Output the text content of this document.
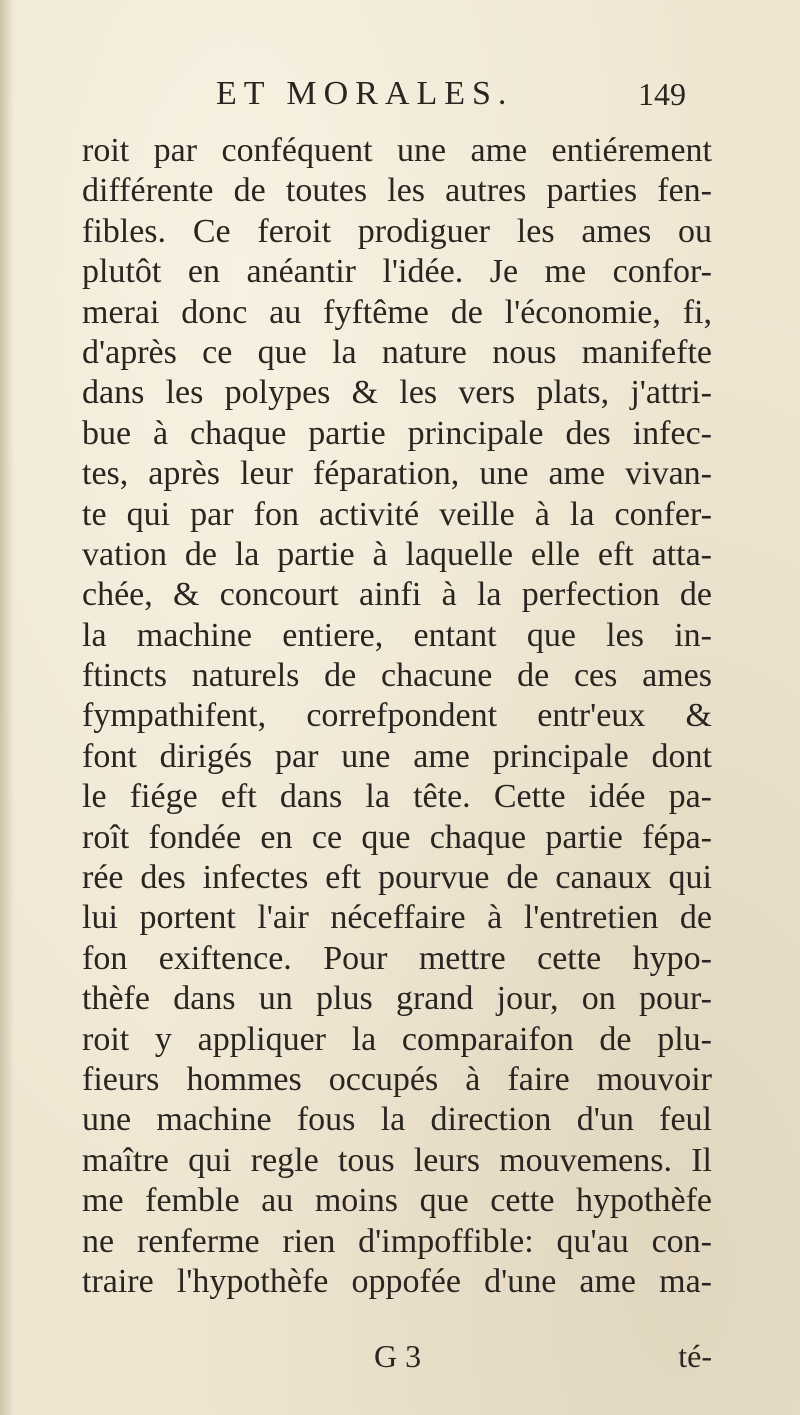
ET MORALES.	149
roit par conféquent une ame entiérement
différente de toutes les autres parties fen-
fibles. Ce feroit prodiguer les ames ou
plutôt en anéantir l'idée. Je me confor-
merai donc au fyftême de l'économie, fi,
d'après ce que la nature nous manifefte
dans les polypes & les vers plats, j'attri-
bue à chaque partie principale des infec-
tes, après leur féparation, une ame vivan-
te qui par fon activité veille à la confer-
vation de la partie à laquelle elle eft atta-
chée, & concourt ainfi à la perfection de
la machine entiere, entant que les in-
ftincts naturels de chacune de ces ames
fympathifent, correfpondent entr'eux &
font dirigés par une ame principale dont
le fiége eft dans la tête. Cette idée pa-
roît fondée en ce que chaque partie fépa-
rée des infectes eft pourvue de canaux qui
lui portent l'air néceffaire à l'entretien de
fon exiftence. Pour mettre cette hypo-
thèfe dans un plus grand jour, on pour-
roit y appliquer la comparaifon de plu-
fieurs hommes occupés à faire mouvoir
une machine fous la direction d'un feul
maître qui regle tous leurs mouvemens. Il
me femble au moins que cette hypothèfe
ne renferme rien d'impoffible: qu'au con-
traire l'hypothèfe oppofée d'une ame ma-
G 3	té-
